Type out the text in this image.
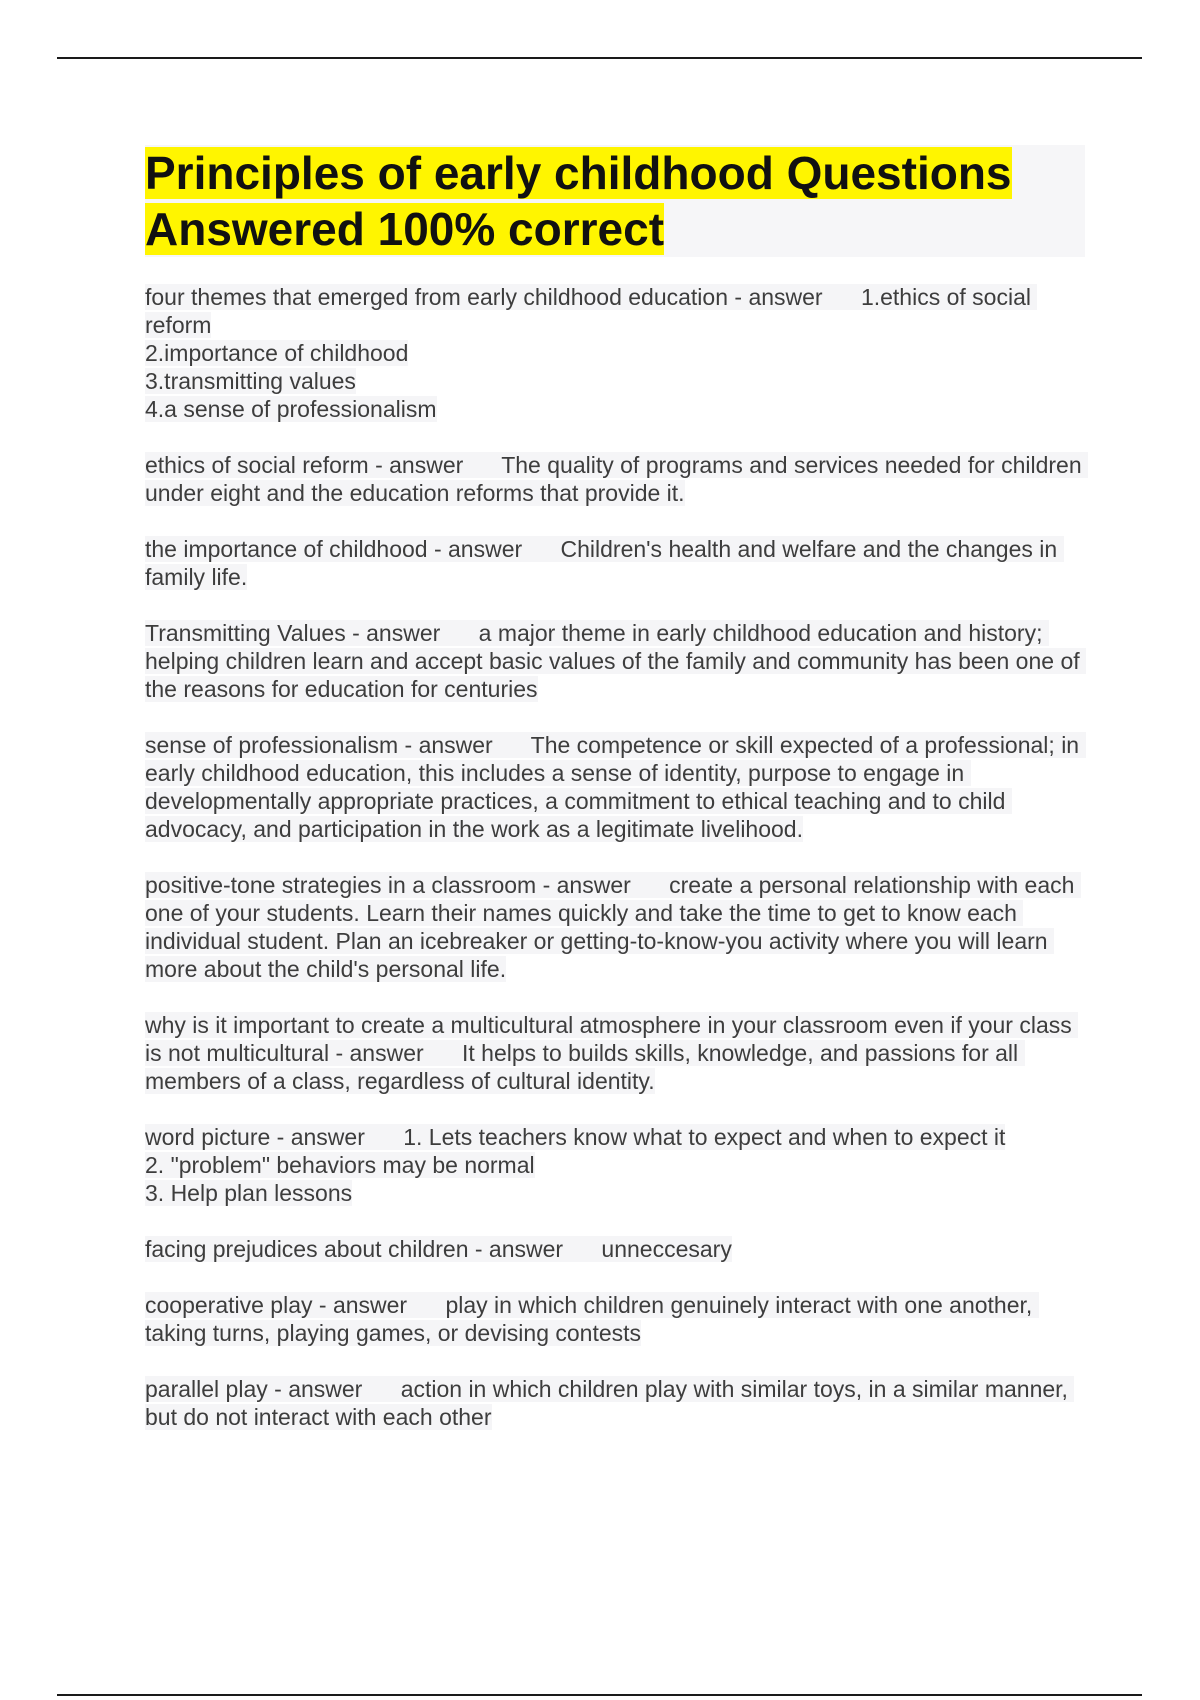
Principles of early childhood Questions Answered 100% correct
four themes that emerged from early childhood education - answer      1.ethics of social reform
2.importance of childhood
3.transmitting values
4.a sense of professionalism
ethics of social reform - answer      The quality of programs and services needed for children under eight and the education reforms that provide it.
the importance of childhood - answer      Children's health and welfare and the changes in family life.
Transmitting Values - answer      a major theme in early childhood education and history; helping children learn and accept basic values of the family and community has been one of the reasons for education for centuries
sense of professionalism - answer      The competence or skill expected of a professional; in early childhood education, this includes a sense of identity, purpose to engage in developmentally appropriate practices, a commitment to ethical teaching and to child advocacy, and participation in the work as a legitimate livelihood.
positive-tone strategies in a classroom - answer      create a personal relationship with each one of your students. Learn their names quickly and take the time to get to know each individual student. Plan an icebreaker or getting-to-know-you activity where you will learn more about the child's personal life.
why is it important to create a multicultural atmosphere in your classroom even if your class is not multicultural - answer      It helps to builds skills, knowledge, and passions for all members of a class, regardless of cultural identity.
word picture - answer      1. Lets teachers know what to expect and when to expect it
2. "problem" behaviors may be normal
3. Help plan lessons
facing prejudices about children - answer      unneccesary
cooperative play - answer      play in which children genuinely interact with one another, taking turns, playing games, or devising contests
parallel play - answer      action in which children play with similar toys, in a similar manner, but do not interact with each other
